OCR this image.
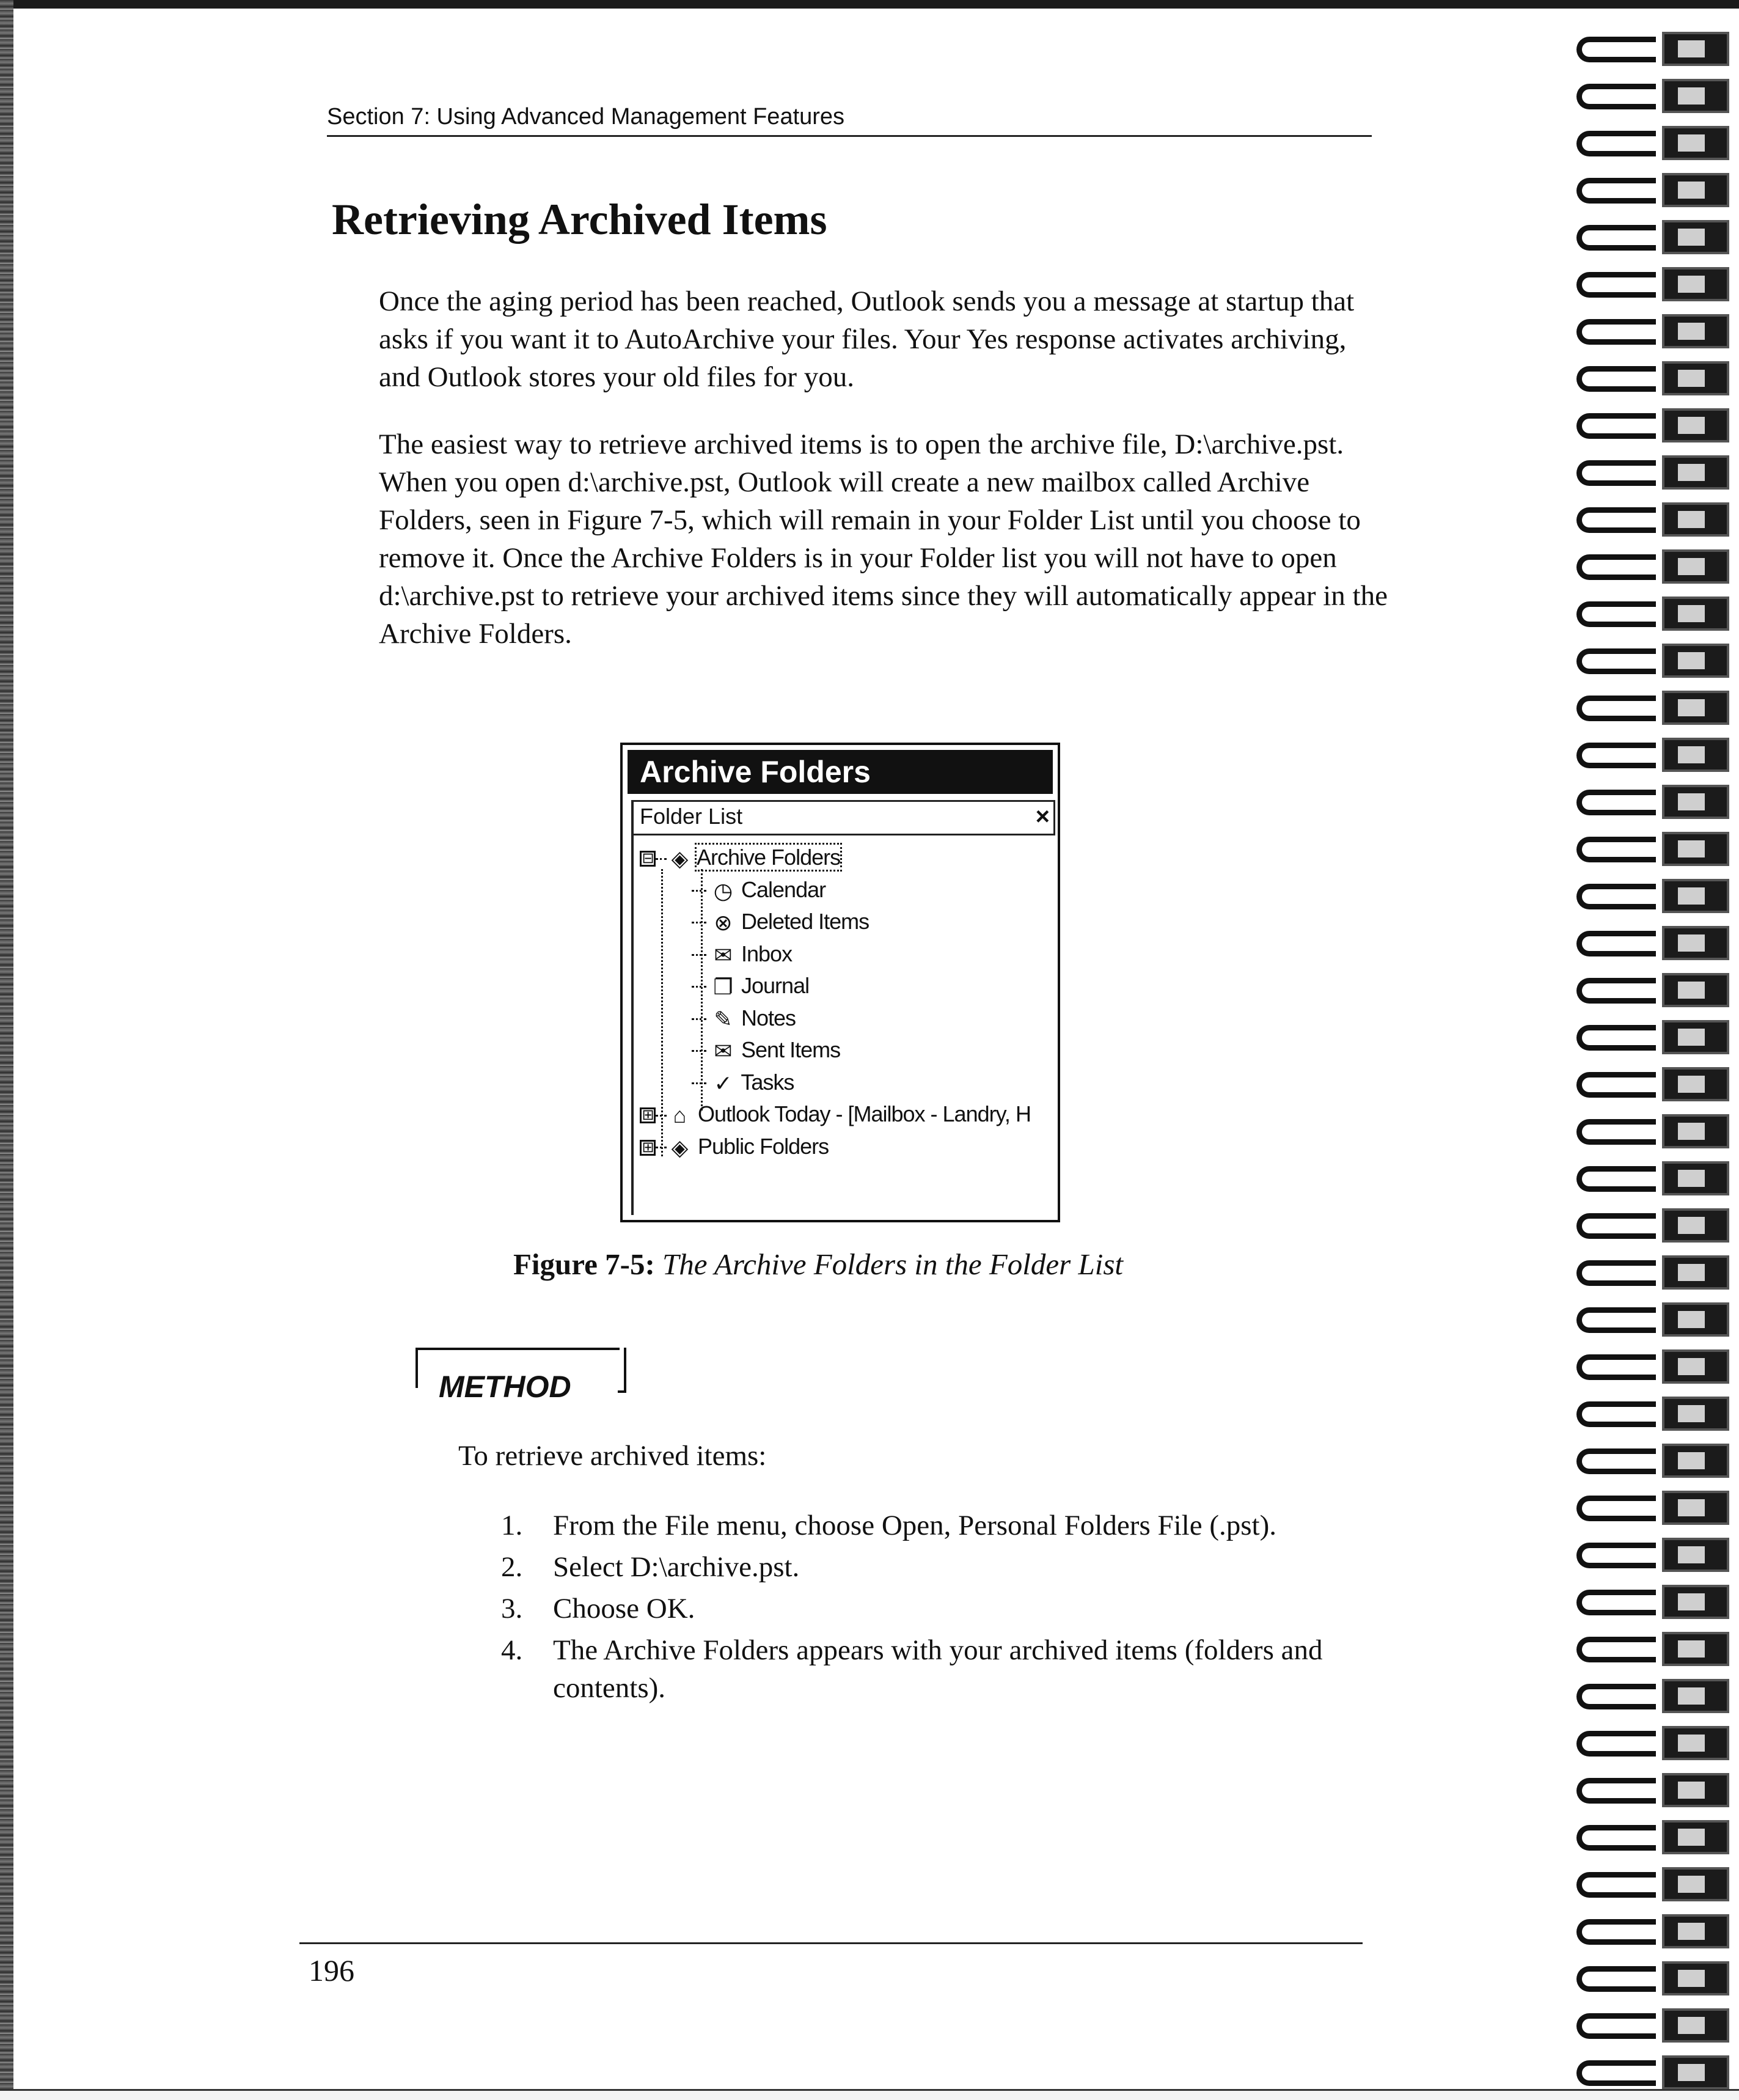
Section 7: Using Advanced Management Features
Retrieving Archived Items

Once the aging period has been reached, Outlook sends you a message at startup that asks if you want it to AutoArchive your files. Your Yes response activates archiving, and Outlook stores your old files for you.

The easiest way to retrieve archived items is to open the archive file, D:\archive.pst. When you open d:\archive.pst, Outlook will create a new mailbox called Archive Folders, seen in Figure 7-5, which will remain in your Folder List until you choose to remove it. Once the Archive Folders is in your Folder list you will not have to open d:\archive.pst to retrieve your archived items since they will automatically appear in the Archive Folders.

Archive Folders
Folder List	×
⊟ ◈ Archive Folders
◷ Calendar
⊗ Deleted Items
✉ Inbox
❐ Journal
✎ Notes
✉ Sent Items
✓ Tasks
⊞ ⌂ Outlook Today - [Mailbox - Landry, H
⊞ ◈ Public Folders
Figure 7-5: The Archive Folders in the Folder List
METHOD
To retrieve archived items:
1. From the File menu, choose Open, Personal Folders File (.pst).
2. Select D:\archive.pst.
3. Choose OK.
4. The Archive Folders appears with your archived items (folders and contents).
196
